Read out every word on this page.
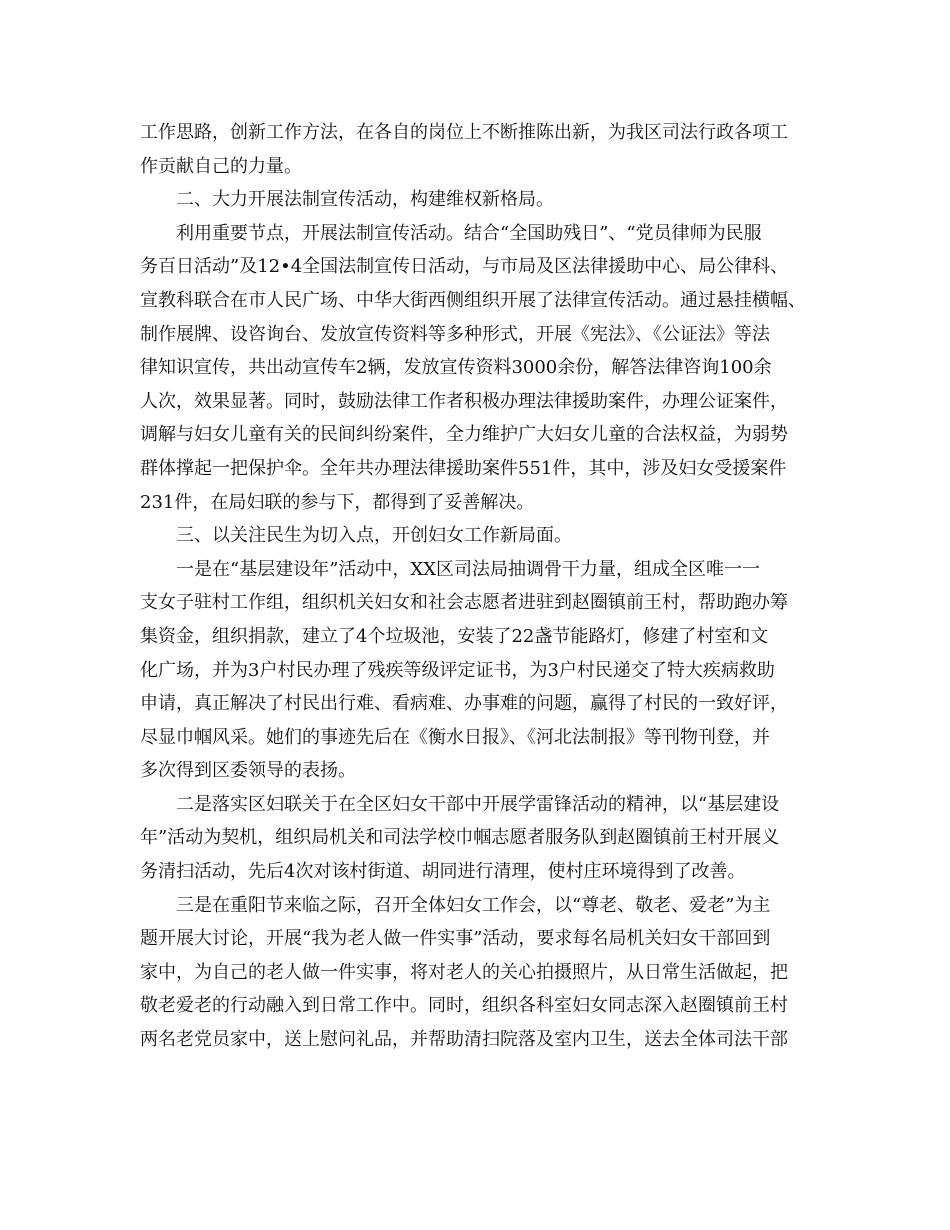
工作思路，创新工作方法，在各自的岗位上不断推陈出新，为我区司法行政各项工
作贡献自己的力量。
二、大力开展法制宣传活动，构建维权新格局。
利用重要节点，开展法制宣传活动。结合“全国助残日”、“党员律师为民服
务百日活动”及12•4全国法制宣传日活动，与市局及区法律援助中心、局公律科、
宣教科联合在市人民广场、中华大街西侧组织开展了法律宣传活动。通过悬挂横幅、
制作展牌、设咨询台、发放宣传资料等多种形式，开展《宪法》、《公证法》等法
律知识宣传，共出动宣传车2辆，发放宣传资料3000余份，解答法律咨询100余
人次，效果显著。同时，鼓励法律工作者积极办理法律援助案件，办理公证案件，
调解与妇女儿童有关的民间纠纷案件，全力维护广大妇女儿童的合法权益，为弱势
群体撑起一把保护伞。全年共办理法律援助案件551件，其中，涉及妇女受援案件
231件，在局妇联的参与下，都得到了妥善解决。
三、以关注民生为切入点，开创妇女工作新局面。
一是在“基层建设年”活动中，XX区司法局抽调骨干力量，组成全区唯一一
支女子驻村工作组，组织机关妇女和社会志愿者进驻到赵圈镇前王村，帮助跑办筹
集资金，组织捐款，建立了4个垃圾池，安装了22盏节能路灯，修建了村室和文
化广场，并为3户村民办理了残疾等级评定证书，为3户村民递交了特大疾病救助
申请，真正解决了村民出行难、看病难、办事难的问题，赢得了村民的一致好评，
尽显巾帼风采。她们的事迹先后在《衡水日报》、《河北法制报》等刊物刊登，并
多次得到区委领导的表扬。
二是落实区妇联关于在全区妇女干部中开展学雷锋活动的精神，以“基层建设
年”活动为契机，组织局机关和司法学校巾帼志愿者服务队到赵圈镇前王村开展义
务清扫活动，先后4次对该村街道、胡同进行清理，使村庄环境得到了改善。
三是在重阳节来临之际，召开全体妇女工作会，以“尊老、敬老、爱老”为主
题开展大讨论，开展“我为老人做一件实事”活动，要求每名局机关妇女干部回到
家中，为自己的老人做一件实事，将对老人的关心拍摄照片，从日常生活做起，把
敬老爱老的行动融入到日常工作中。同时，组织各科室妇女同志深入赵圈镇前王村
两名老党员家中，送上慰问礼品，并帮助清扫院落及室内卫生，送去全体司法干部
